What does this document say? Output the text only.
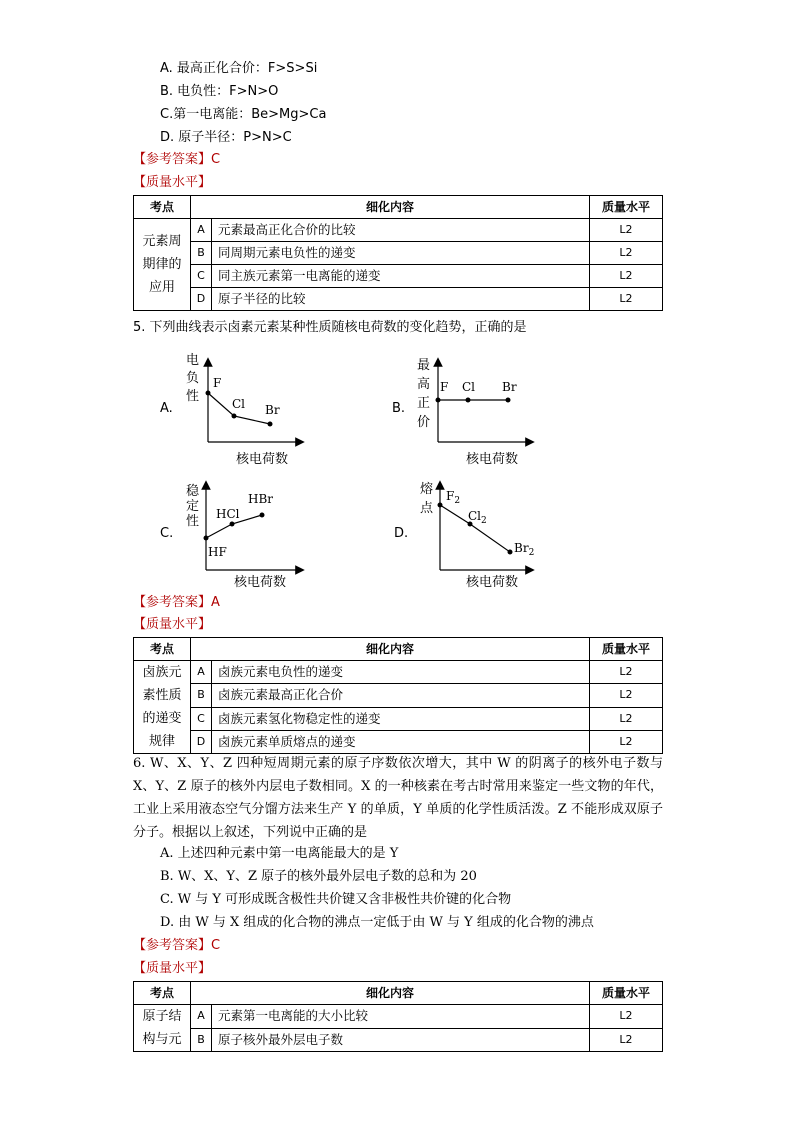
A. 最高正化合价：F>S>Si
B. 电负性：F>N>O
C.第一电离能：Be>Mg>Ca
D. 原子半径：P>N>C
【参考答案】C
【质量水平】
考点	细化内容		质量水平
元素周期律的应用	A	元素最高正化合价的比较	L2
	B	同周期元素电负性的递变	L2
	C	同主族元素第一电离能的递变	L2
	D	原子半径的比较	L2
5. 下列曲线表示卤素元素某种性质随核电荷数的变化趋势，正确的是
A.
电
负
性
F
Cl Br
核电荷数
B.
最
高
正
价
F Cl Br
核电荷数
C.
稳
定
性
HF
HCl
HBr
核电荷数
D.
熔
点
$F_2$
$Cl_2$
$Br_2$
核电荷数
【参考答案】A
【质量水平】
考点	细化内容		质量水平
卤族元素性质的递变规律	A	卤族元素电负性的递变	L2
	B	卤族元素最高正化合价	L2
	C	卤族元素氢化物稳定性的递变	L2
	D	卤族元素单质熔点的递变	L2
6. W、X、Y、Z 四种短周期元素的原子序数依次增大，其中 W 的阴离子的核外电子数与 X、Y、Z 原子的核外内层电子数相同。X 的一种核素在考古时常用来鉴定一些文物的年代，工业上采用液态空气分馏方法来生产 Y 的单质，Y 单质的化学性质活泼。Z 不能形成双原子分子。根据以上叙述，下列说中正确的是
A. 上述四种元素中第一电离能最大的是 Y
B. W、X、Y、Z 原子的核外最外层电子数的总和为 20
C. W 与 Y 可形成既含极性共价键又含非极性共价键的化合物
D. 由 W 与 X 组成的化合物的沸点一定低于由 W 与 Y 组成的化合物的沸点
【参考答案】C
【质量水平】
考点	细化内容		质量水平
原子结构与元	A	元素第一电离能的大小比较	L2
	B	原子核外最外层电子数	L2
